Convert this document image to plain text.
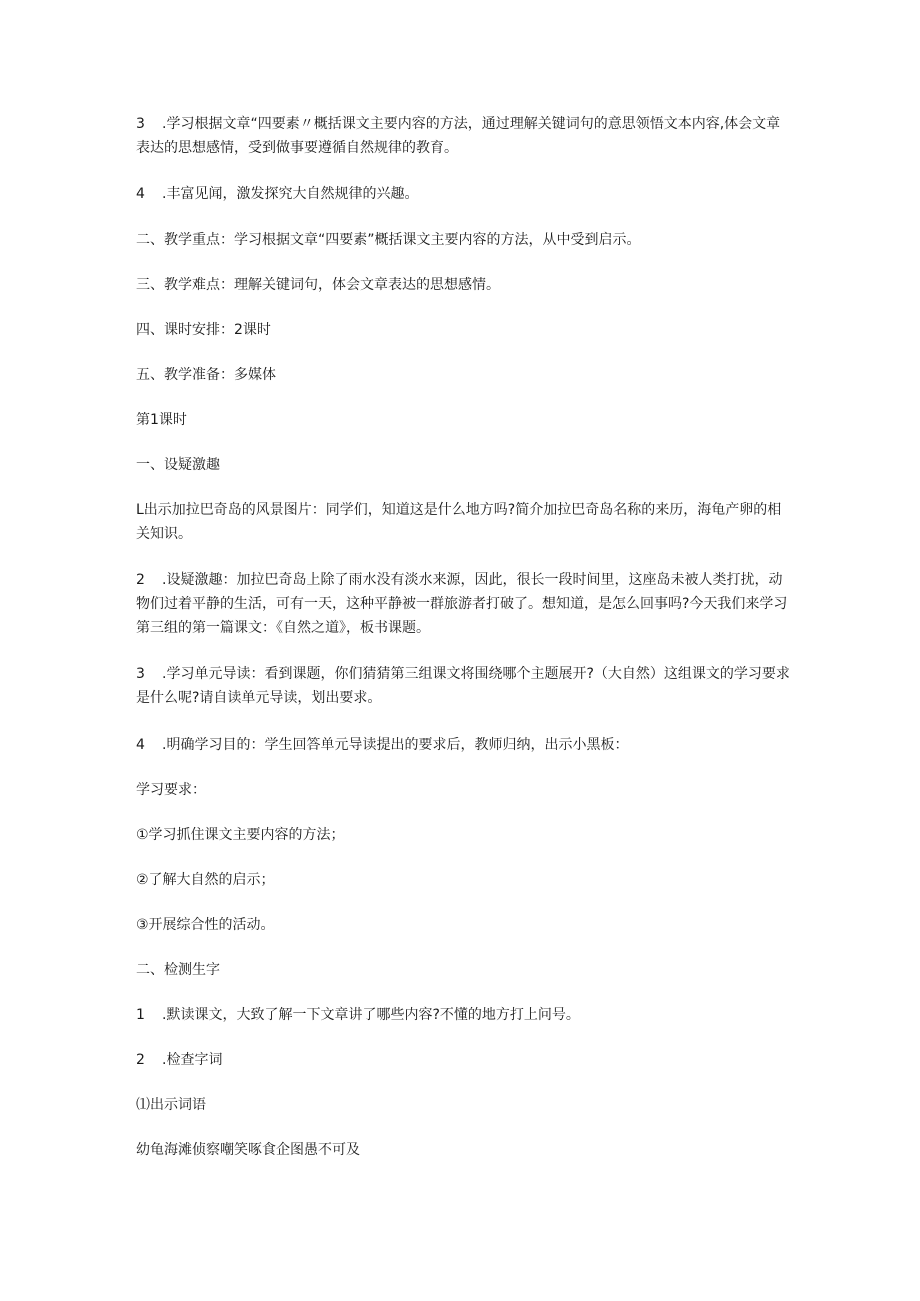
3 .学习根据文章“四要素〃概括课文主要内容的方法，通过理解关键词句的意思领悟文本内容,体会文章表达的思想感情，受到做事要遵循自然规律的教育。

4 .丰富见闻，激发探究大自然规律的兴趣。

二、教学重点：学习根据文章“四要素”概括课文主要内容的方法，从中受到启示。

三、教学难点：理解关键词句，体会文章表达的思想感情。

四、课时安排：2课时

五、教学准备：多媒体

第1课时

一、设疑激趣

L出示加拉巴奇岛的风景图片：同学们，知道这是什么地方吗?简介加拉巴奇岛名称的来历，海龟产卵的相关知识。

2 .设疑激趣：加拉巴奇岛上除了雨水没有淡水来源，因此，很长一段时间里，这座岛未被人类打扰，动物们过着平静的生活，可有一天，这种平静被一群旅游者打破了。想知道，是怎么回事吗?今天我们来学习第三组的第一篇课文：《自然之道》，板书课题。

3 .学习单元导读：看到课题，你们猜猜第三组课文将围绕哪个主题展开?（大自然）这组课文的学习要求是什么呢?请自读单元导读，划出要求。

4 .明确学习目的：学生回答单元导读提出的要求后，教师归纳，出示小黑板：

学习要求：

①学习抓住课文主要内容的方法；

②了解大自然的启示；

③开展综合性的活动。

二、检测生字

1 .默读课文，大致了解一下文章讲了哪些内容?不懂的地方打上问号。

2 .检查字词

⑴出示词语

幼龟海滩侦察嘲笑啄食企图愚不可及
